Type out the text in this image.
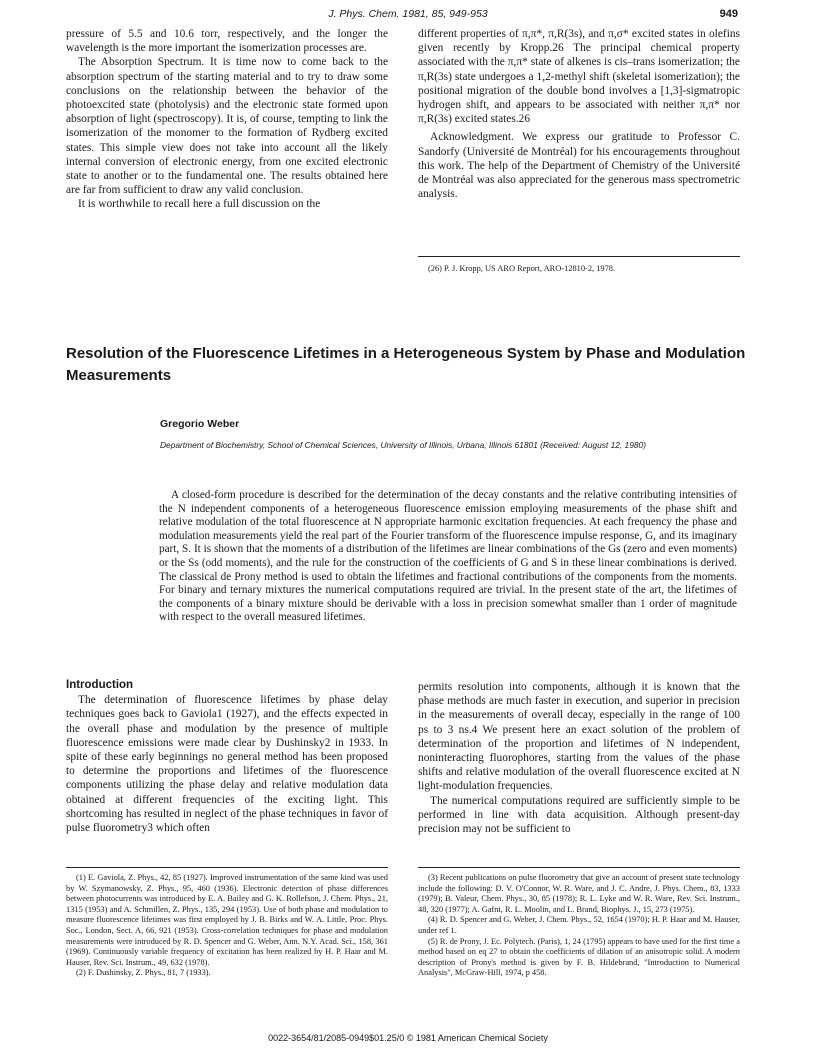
J. Phys. Chem. 1981, 85, 949-953	949

pressure of 5.5 and 10.6 torr, respectively, and the longer the wavelength is the more important the isomerization processes are.

The Absorption Spectrum. It is time now to come back to the absorption spectrum of the starting material and to try to draw some conclusions on the relationship between the behavior of the photoexcited state (photolysis) and the electronic state formed upon absorption of light (spectroscopy). It is, of course, tempting to link the isomerization of the monomer to the formation of Rydberg excited states. This simple view does not take into account all the likely internal conversion of electronic energy, from one excited electronic state to another or to the fundamental one. The results obtained here are far from sufficient to draw any valid conclusion.

It is worthwhile to recall here a full discussion on the

different properties of π,π*, π,R(3s), and π,σ* excited states in olefins given recently by Kropp.26 The principal chemical property associated with the π,π* state of alkenes is cis–trans isomerization; the π,R(3s) state undergoes a 1,2-methyl shift (skeletal isomerization); the positional migration of the double bond involves a [1,3]-sigmatropic hydrogen shift, and appears to be associated with neither π,π* nor π,R(3s) excited states.26

Acknowledgment. We express our gratitude to Professor C. Sandorfy (Université de Montréal) for his encouragements throughout this work. The help of the Department of Chemistry of the Université de Montréal was also appreciated for the generous mass spectrometric analysis.

(26) P. J. Kropp, US ARO Report, ARO-12810-2, 1978.

Resolution of the Fluorescence Lifetimes in a Heterogeneous System by Phase and Modulation Measurements
Gregorio Weber
Department of Biochemistry, School of Chemical Sciences, University of Illinois, Urbana, Illinois 61801 (Received: August 12, 1980)

A closed-form procedure is described for the determination of the decay constants and the relative contributing intensities of the N independent components of a heterogeneous fluorescence emission employing measurements of the phase shift and relative modulation of the total fluorescence at N appropriate harmonic excitation frequencies. At each frequency the phase and modulation measurements yield the real part of the Fourier transform of the fluorescence impulse response, G, and its imaginary part, S. It is shown that the moments of a distribution of the lifetimes are linear combinations of the Gs (zero and even moments) or the Ss (odd moments), and the rule for the construction of the coefficients of G and S in these linear combinations is derived. The classical de Prony method is used to obtain the lifetimes and fractional contributions of the components from the moments. For binary and ternary mixtures the numerical computations required are trivial. In the present state of the art, the lifetimes of the components of a binary mixture should be derivable with a loss in precision somewhat smaller than 1 order of magnitude with respect to the overall measured lifetimes.

Introduction

The determination of fluorescence lifetimes by phase delay techniques goes back to Gaviola1 (1927), and the effects expected in the overall phase and modulation by the presence of multiple fluorescence emissions were made clear by Dushinsky2 in 1933. In spite of these early beginnings no general method has been proposed to determine the proportions and lifetimes of the fluorescence components utilizing the phase delay and relative modulation data obtained at different frequencies of the exciting light. This shortcoming has resulted in neglect of the phase techniques in favor of pulse fluorometry3 which often

permits resolution into components, although it is known that the phase methods are much faster in execution, and superior in precision in the measurements of overall decay, especially in the range of 100 ps to 3 ns.4 We present here an exact solution of the problem of determination of the proportion and lifetimes of N independent, noninteracting fluorophores, starting from the values of the phase shifts and relative modulation of the overall fluorescence excited at N light-modulation frequencies.

The numerical computations required are sufficiently simple to be performed in line with data acquisition. Although present-day precision may not be sufficient to

(1) E. Gaviola, Z. Phys., 42, 85 (1927). Improved instrumentation of the same kind was used by W. Szymanowsky, Z. Phys., 95, 460 (1936). Electronic detection of phase differences between photocurrents was introduced by E. A. Bailey and G. K. Rollefson, J. Chem. Phys., 21, 1315 (1953) and A. Schmillen, Z. Phys., 135, 294 (1953). Use of both phase and modulation to measure fluorescence lifetimes was first employed by J. B. Birks and W. A. Little, Proc. Phys. Soc., London, Sect. A, 66, 921 (1953). Cross-correlation techniques for phase and modulation measurements were introduced by R. D. Spencer and G. Weber, Ann. N.Y. Acad. Sci., 158, 361 (1969). Continuously variable frequency of excitation has been realized by H. P. Haar and M. Hauser, Rev. Sci. Instrum., 49, 632 (1978).

(2) F. Dushinsky, Z. Phys., 81, 7 (1933).

(3) Recent publications on pulse fluorometry that give an account of present state technology include the following: D. V. O'Connor, W. R. Ware, and J. C. Andre, J. Phys. Chem., 83, 1333 (1979); B. Valeur, Chem. Phys., 30, 85 (1978); R. L. Lyke and W. R. Ware, Rev. Sci. Instrum., 48, 320 (1977); A. Gafni, R. L. Moolin, and L. Brand, Biophys. J., 15, 273 (1975).

(4) R. D. Spencer and G. Weber, J. Chem. Phys., 52, 1654 (1970); H. P. Haar and M. Hauser, under ref 1.

(5) R. de Prony, J. Ec. Polytech. (Paris), 1, 24 (1795) appears to have used for the first time a method based on eq 27 to obtain the coefficients of dilation of an anisotropic solid. A modern description of Prony's method is given by F. B. Hildebrand, "Introduction to Numerical Analysis", McGraw-Hill, 1974, p 458.

0022-3654/81/2085-0949$01.25/0 © 1981 American Chemical Society
